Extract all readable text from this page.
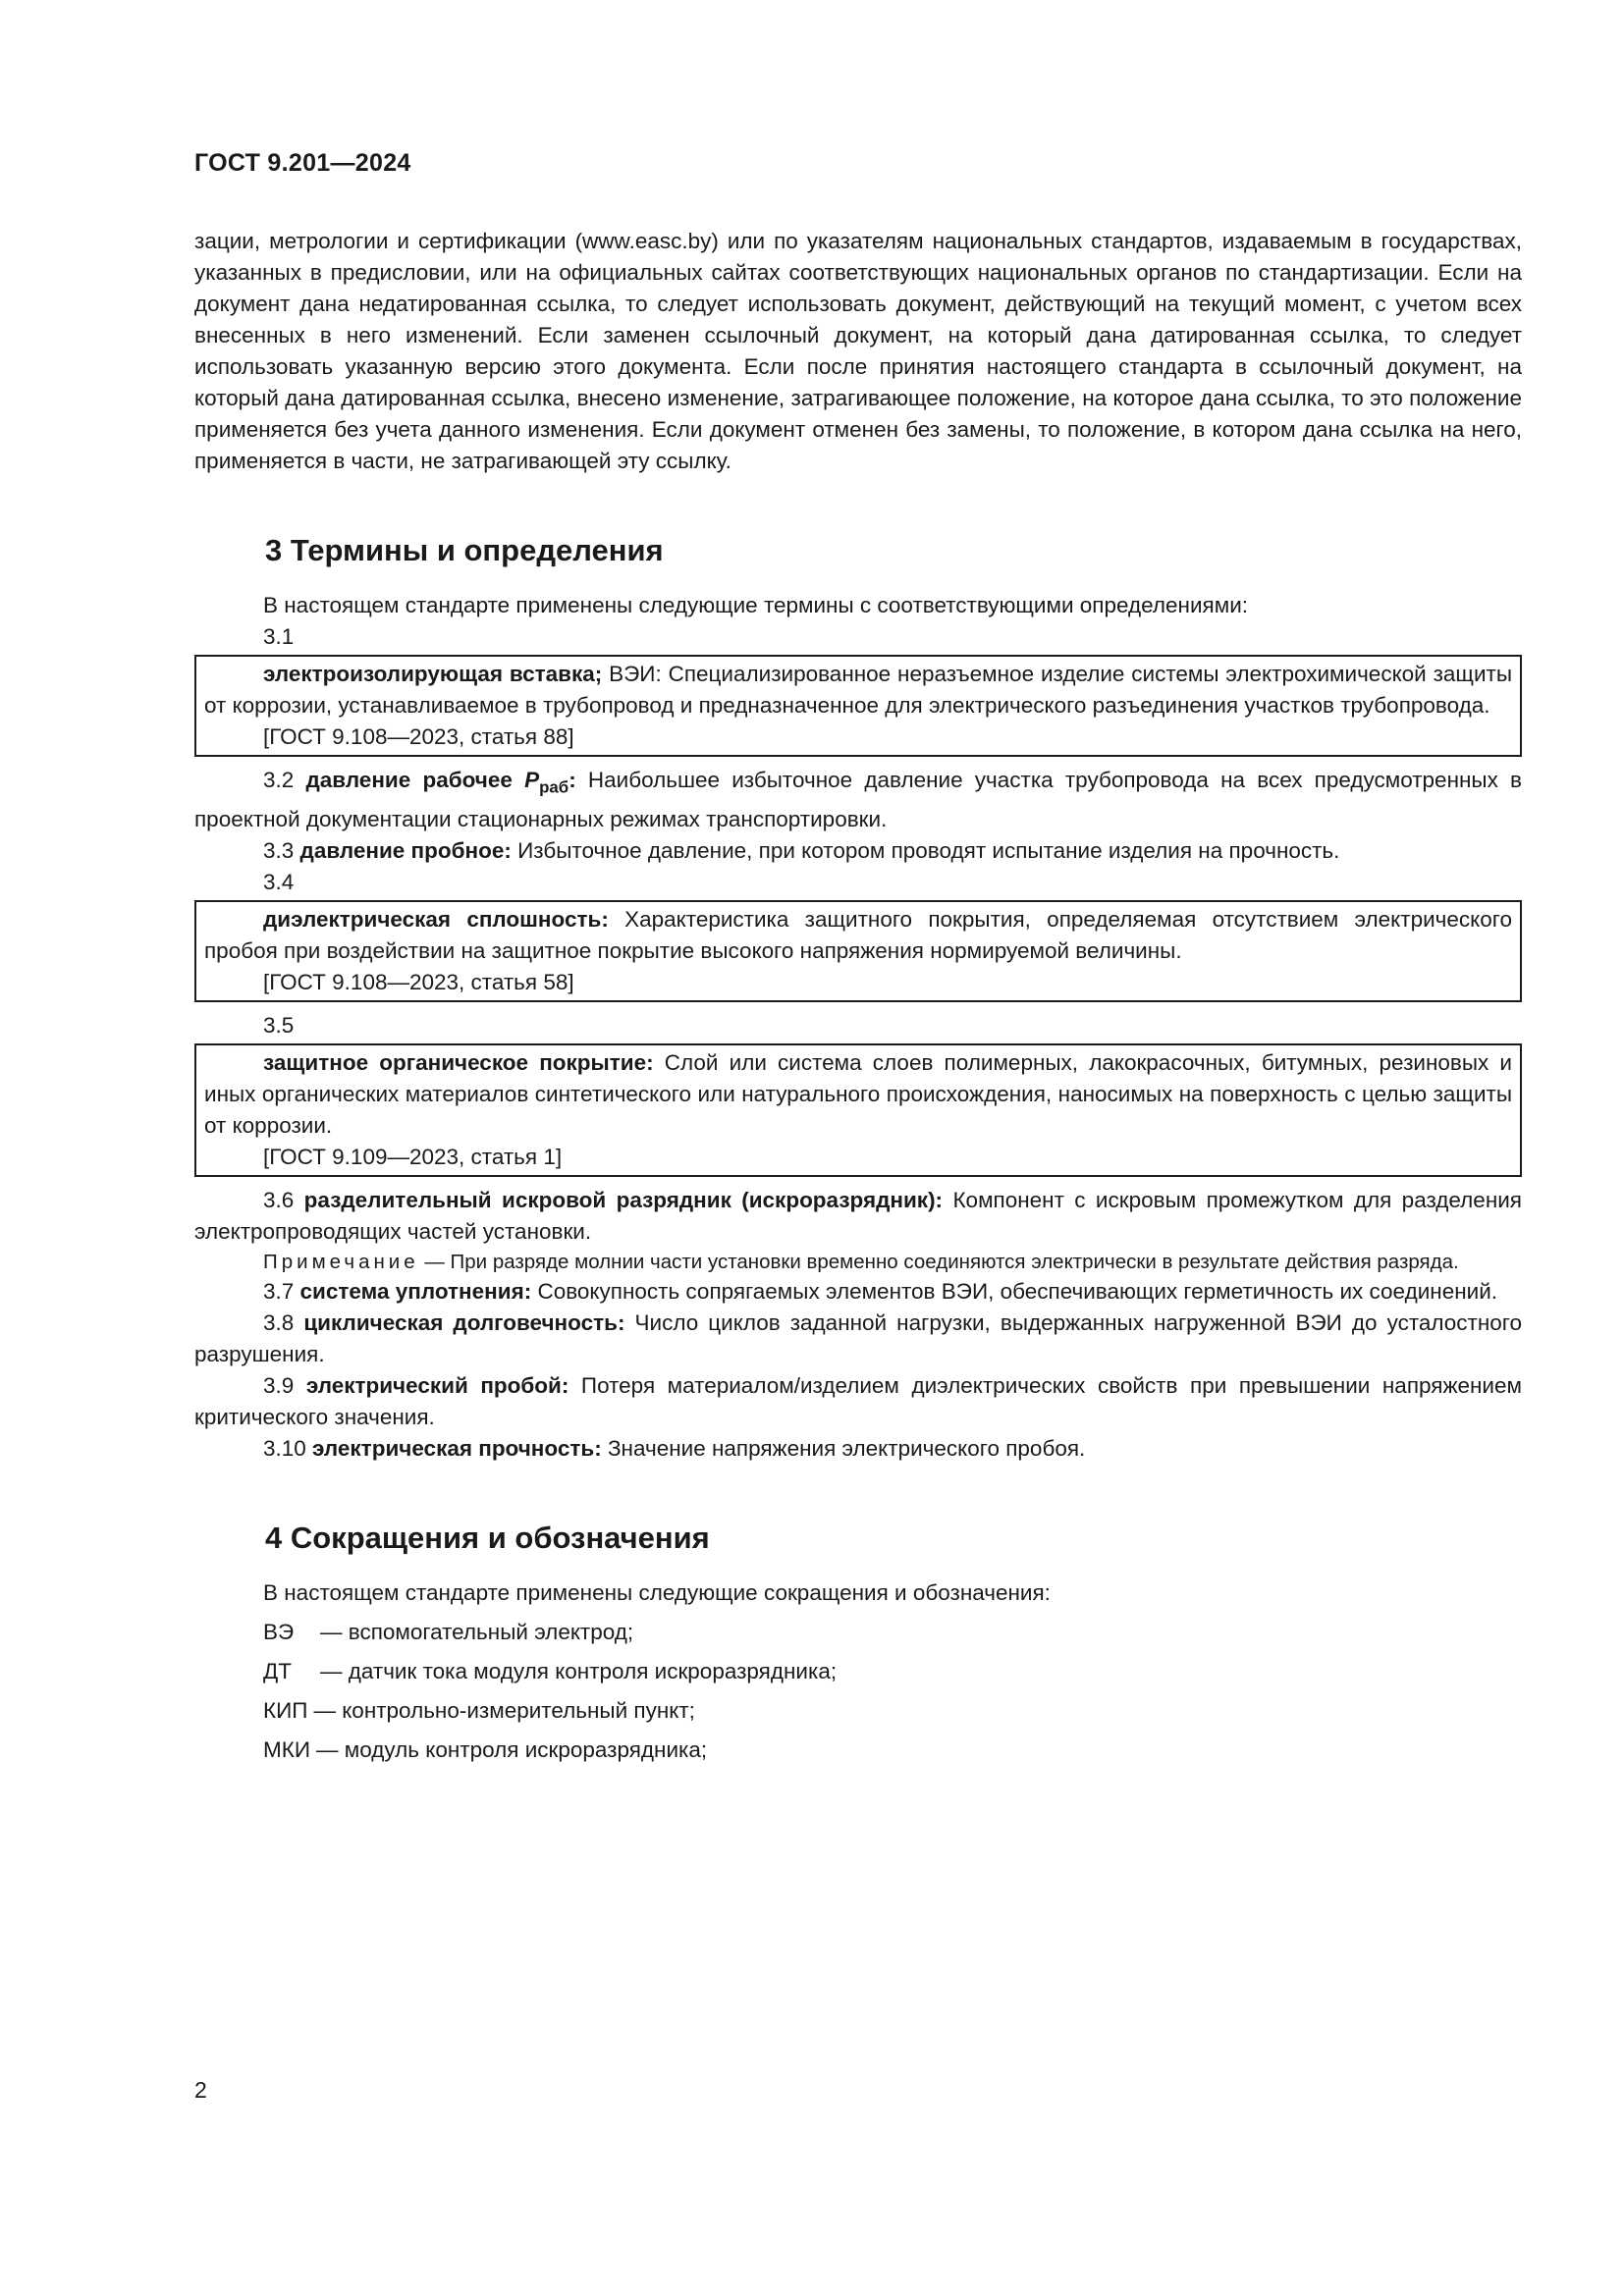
ГОСТ 9.201—2024

зации, метрологии и сертификации (www.easc.by) или по указателям национальных стандартов, издаваемым в государствах, указанных в предисловии, или на официальных сайтах соответствующих национальных органов по стандартизации. Если на документ дана недатированная ссылка, то следует использовать документ, действующий на текущий момент, с учетом всех внесенных в него изменений. Если заменен ссылочный документ, на который дана датированная ссылка, то следует использовать указанную версию этого документа. Если после принятия настоящего стандарта в ссылочный документ, на который дана датированная ссылка, внесено изменение, затрагивающее положение, на которое дана ссылка, то это положение применяется без учета данного изменения. Если документ отменен без замены, то положение, в котором дана ссылка на него, применяется в части, не затрагивающей эту ссылку.

3 Термины и определения

В настоящем стандарте применены следующие термины с соответствующими определениями:

3.1

электроизолирующая вставка; ВЭИ: Специализированное неразъемное изделие системы электрохимической защиты от коррозии, устанавливаемое в трубопровод и предназначенное для электрического разъединения участков трубопровода.

[ГОСТ 9.108—2023, статья 88]

3.2 давление рабочее $P_{раб}$: Наибольшее избыточное давление участка трубопровода на всех предусмотренных в проектной документации стационарных режимах транспортировки.

3.3 давление пробное: Избыточное давление, при котором проводят испытание изделия на прочность.

3.4

диэлектрическая сплошность: Характеристика защитного покрытия, определяемая отсутствием электрического пробоя при воздействии на защитное покрытие высокого напряжения нормируемой величины.

[ГОСТ 9.108—2023, статья 58]

3.5

защитное органическое покрытие: Слой или система слоев полимерных, лакокрасочных, битумных, резиновых и иных органических материалов синтетического или натурального происхождения, наносимых на поверхность с целью защиты от коррозии.

[ГОСТ 9.109—2023, статья 1]

3.6 разделительный искровой разрядник (искроразрядник): Компонент с искровым промежутком для разделения электропроводящих частей установки.

Примечание — При разряде молнии части установки временно соединяются электрически в результате действия разряда.

3.7 система уплотнения: Совокупность сопрягаемых элементов ВЭИ, обеспечивающих герметичность их соединений.

3.8 циклическая долговечность: Число циклов заданной нагрузки, выдержанных нагруженной ВЭИ до усталостного разрушения.

3.9 электрический пробой: Потеря материалом/изделием диэлектрических свойств при превышении напряжением критического значения.

3.10 электрическая прочность: Значение напряжения электрического пробоя.

4 Сокращения и обозначения

В настоящем стандарте применены следующие сокращения и обозначения:

ВЭ	— вспомогательный электрод;
ДТ	— датчик тока модуля контроля искроразрядника;
КИП — контрольно-измерительный пункт;
МКИ — модуль контроля искроразрядника;
2
